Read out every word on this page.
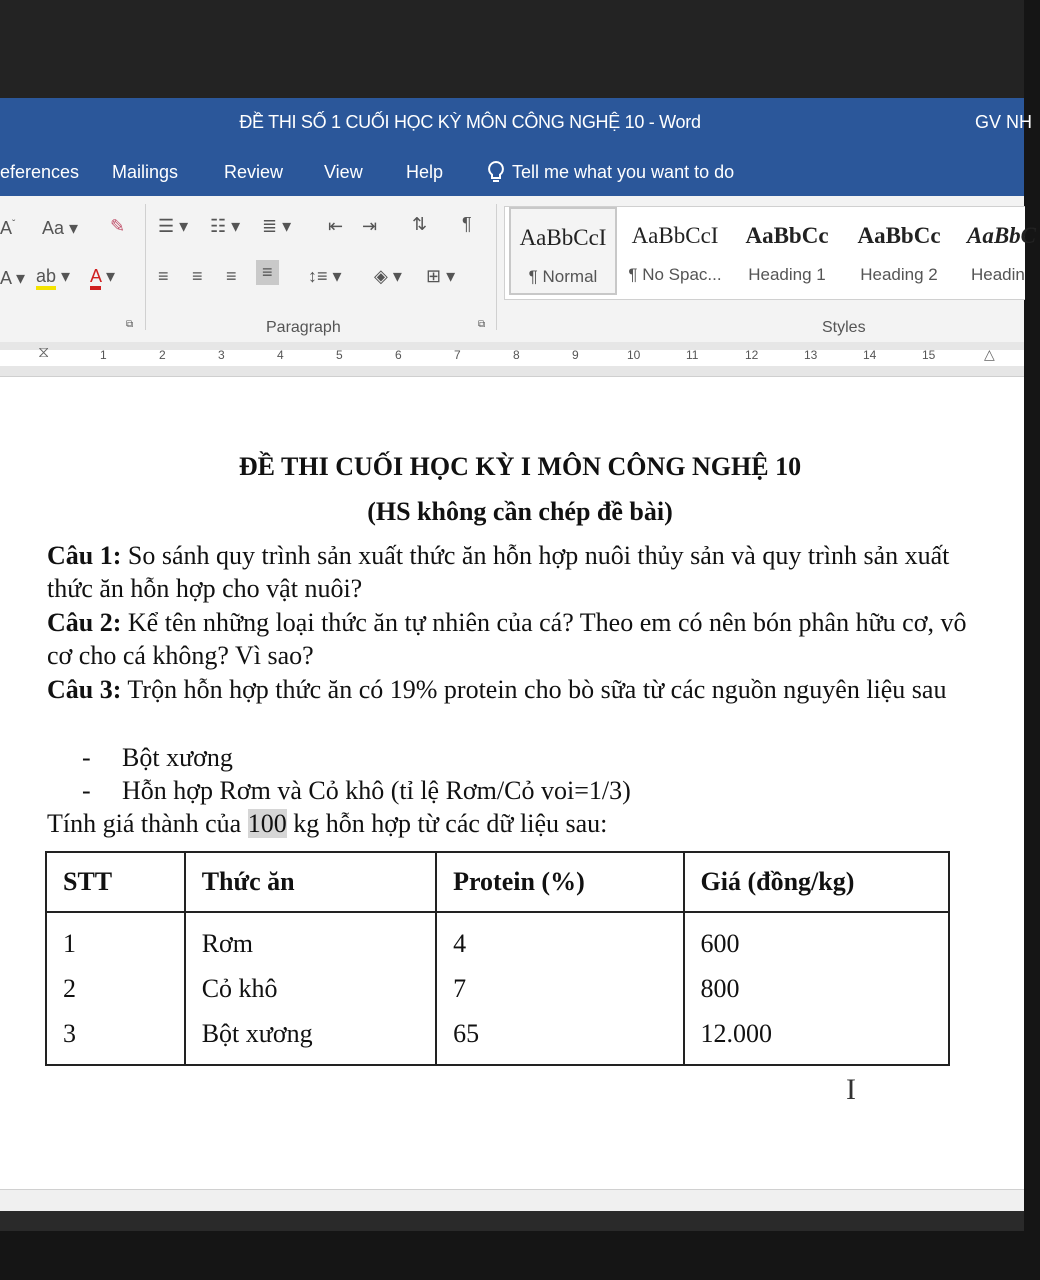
ĐỀ THI SỐ 1 CUỐI HỌC KỲ MÔN CÔNG NGHỆ 10 - Word	GV NH
eferences Mailings	Review View Help	Tell me what you want to do
$A^ˇ$ Aa ▾ ✎
A ▾ ab ▾ A ▾
⧉
☰ ▾ ☷ ▾ ≣ ▾ ⇤ ⇥ ⇅ ¶
≡ ≡ ≡	≡	↕≡ ▾ ◈ ▾ ⊞ ▾
Paragraph	⧉
AaBbCcI
¶ Normal
AaBbCcI
¶ No Spac...
AaBbCc
Heading 1
AaBbCc
Heading 2
AaBbC
Headin
Styles
⧖	1	2	3	4	5	6	7	8	9	10	11	12	13	14	15	△
ĐỀ THI CUỐI HỌC KỲ I MÔN CÔNG NGHỆ 10
(HS không cần chép đề bài)
Câu 1: So sánh quy trình sản xuất thức ăn hỗn hợp nuôi thủy sản và quy trình sản xuất thức ăn hỗn hợp cho vật nuôi?
Câu 2: Kể tên những loại thức ăn tự nhiên của cá? Theo em có nên bón phân hữu cơ, vô cơ cho cá không? Vì sao?
Câu 3: Trộn hỗn hợp thức ăn có 19% protein cho bò sữa từ các nguồn nguyên liệu sau
- Bột xương
- Hỗn hợp Rơm và Cỏ khô (tỉ lệ Rơm/Cỏ voi=1/3)
Tính giá thành của 100 kg hỗn hợp từ các dữ liệu sau:
STT	Thức ăn	Protein (%)	Giá (đồng/kg)
1	Rơm	4	600
2	Cỏ khô	7	800
3	Bột xương	65	12.000
I
